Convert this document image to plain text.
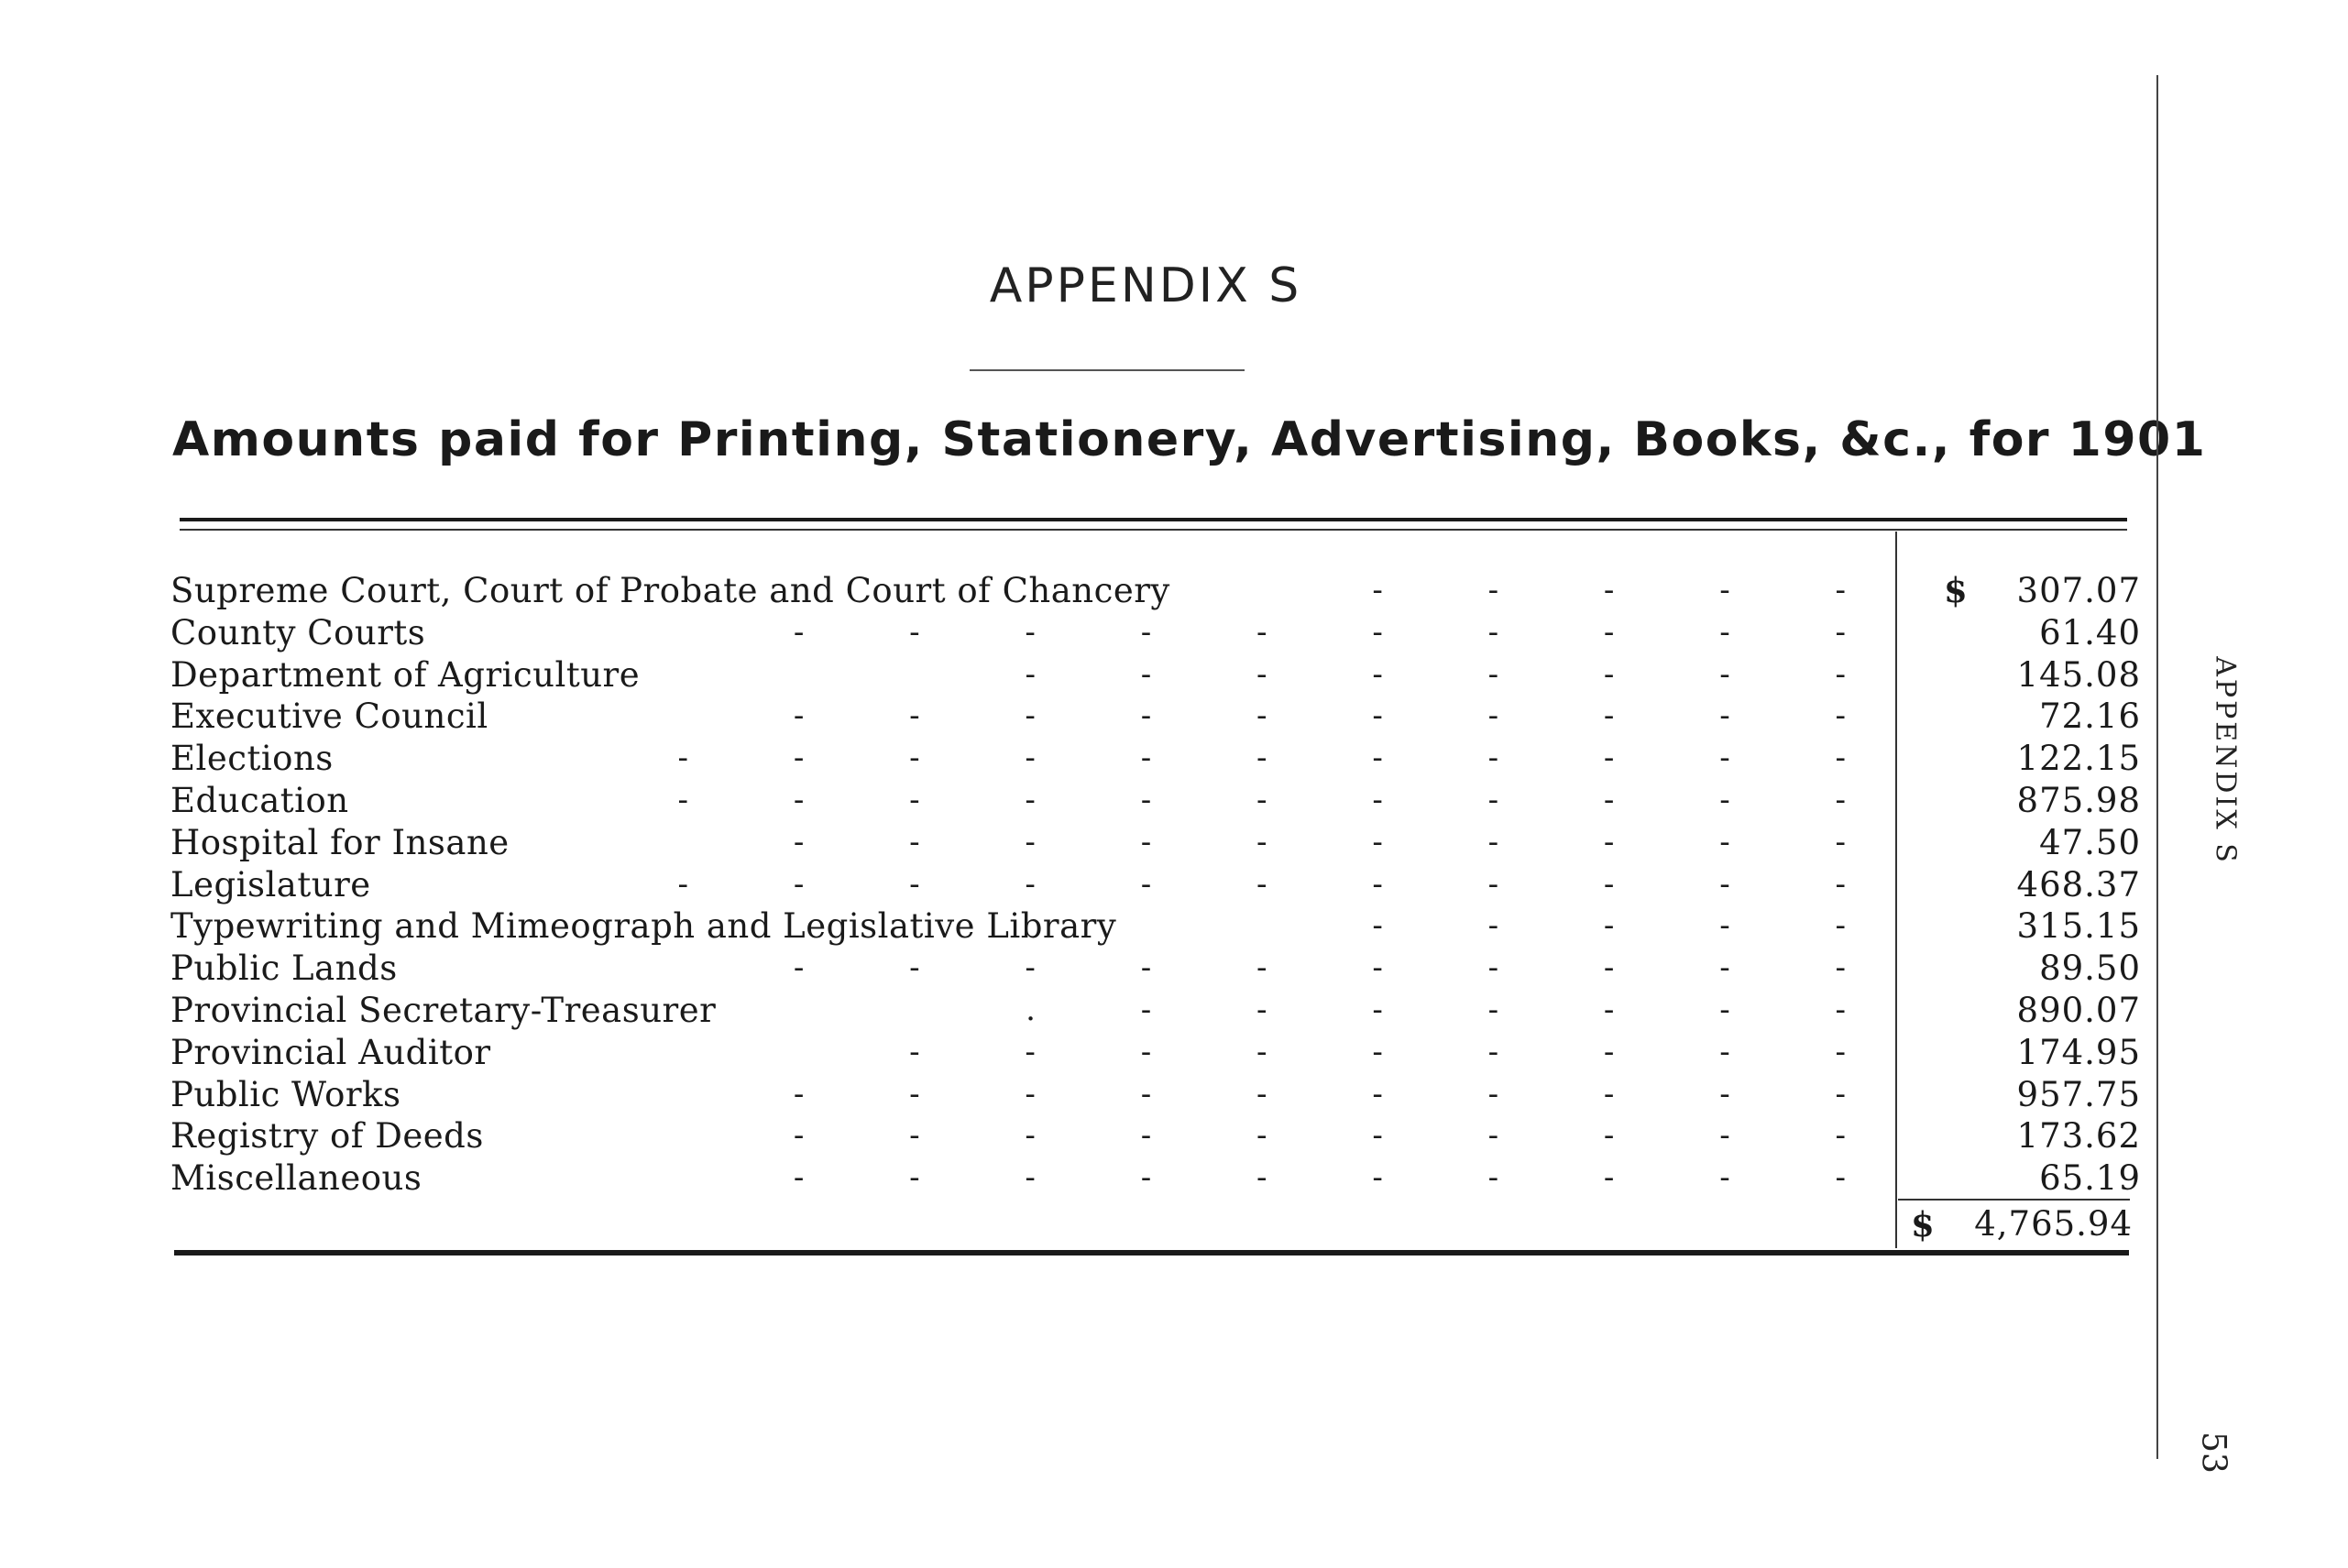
APPENDIX S
Amounts paid for Printing, Stationery, Advertising, Books, &c., for 1901
Supreme Court, Court of Probate and Court of Chancery	- - - - - $	307.07
County Courts	- - - - - - - - - -	61.40
Department of Agriculture	- - - - - - - -	145.08
Executive Council	- - - - - - - - - -	72.16
Elections	- - - - - - - - - - -	122.15
Education	- - - - - - - - - - -	875.98
Hospital for Insane	- - - - - - - - - -	47.50
Legislature	- - - - - - - - - - -	468.37
Typewriting and Mimeograph and Legislative Library	- - - - -	315.15
Public Lands	- - - - - - - - - -	89.50
Provincial Secretary-Treasurer	. - - - - - - -	890.07
Provincial Auditor	- - - - - - - - -	174.95
Public Works	- - - - - - - - - -	957.75
Registry of Deeds	- - - - - - - - - -	173.62
Miscellaneous	- - - - - - - - - -	65.19
$ 4,765.94
APPENDIX S
53
